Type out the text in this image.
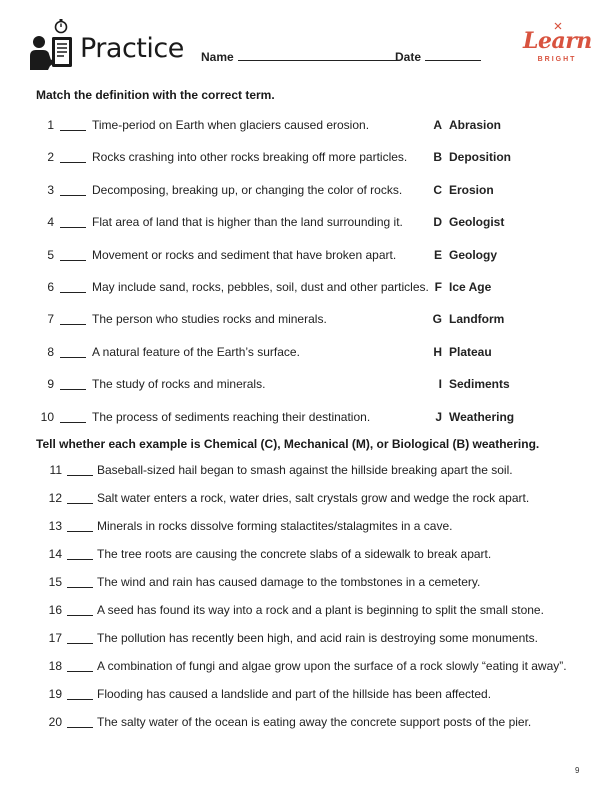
Practice Name	Date
Learn
BRIGHT
Match the definition with the correct term.
1	Time-period on Earth when glaciers caused erosion.	A Abrasion
2	Rocks crashing into other rocks breaking off more particles.	B Deposition
3	Decomposing, breaking up, or changing the color of rocks.	C Erosion
4	Flat area of land that is higher than the land surrounding it.	D Geologist
5	Movement or rocks and sediment that have broken apart.	E Geology
6	May include sand, rocks, pebbles, soil, dust and other particles. F Ice Age
7	The person who studies rocks and minerals.	G Landform
8	A natural feature of the Earth’s surface.	H Plateau
9	The study of rocks and minerals.	I Sediments
10	The process of sediments reaching their destination.	J Weathering
Tell whether each example is Chemical (C), Mechanical (M), or Biological (B) weathering.
11	Baseball-sized hail began to smash against the hillside breaking apart the soil.
12	Salt water enters a rock, water dries, salt crystals grow and wedge the rock apart.
13	Minerals in rocks dissolve forming stalactites/stalagmites in a cave.
14	The tree roots are causing the concrete slabs of a sidewalk to break apart.
15	The wind and rain has caused damage to the tombstones in a cemetery.
16	A seed has found its way into a rock and a plant is beginning to split the small stone.
17	The pollution has recently been high, and acid rain is destroying some monuments.
18	A combination of fungi and algae grow upon the surface of a rock slowly “eating it away”.
19	Flooding has caused a landslide and part of the hillside has been affected.
20	The salty water of the ocean is eating away the concrete support posts of the pier.
9
